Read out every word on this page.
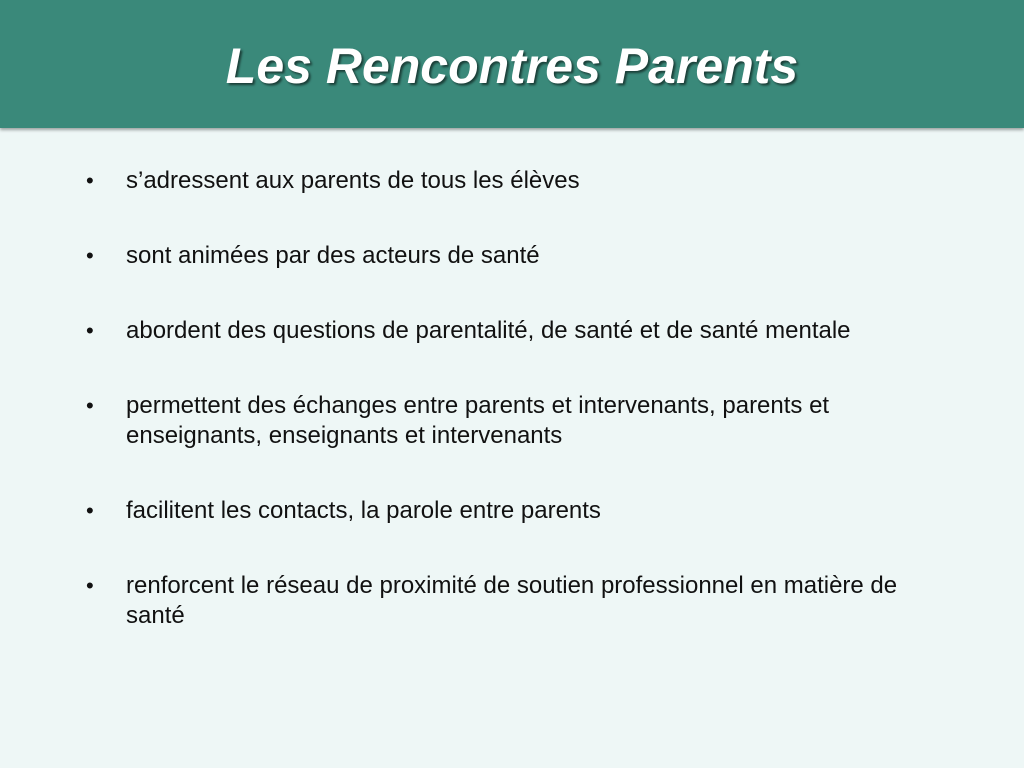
Les Rencontres Parents
• s’adressent aux parents de tous les élèves
• sont animées par des acteurs de santé
• abordent des questions de parentalité, de santé et de santé mentale
• permettent des échanges entre parents et intervenants, parents et enseignants, enseignants et intervenants
• facilitent les contacts, la parole entre parents
• renforcent le réseau de proximité de soutien professionnel en matière de santé
